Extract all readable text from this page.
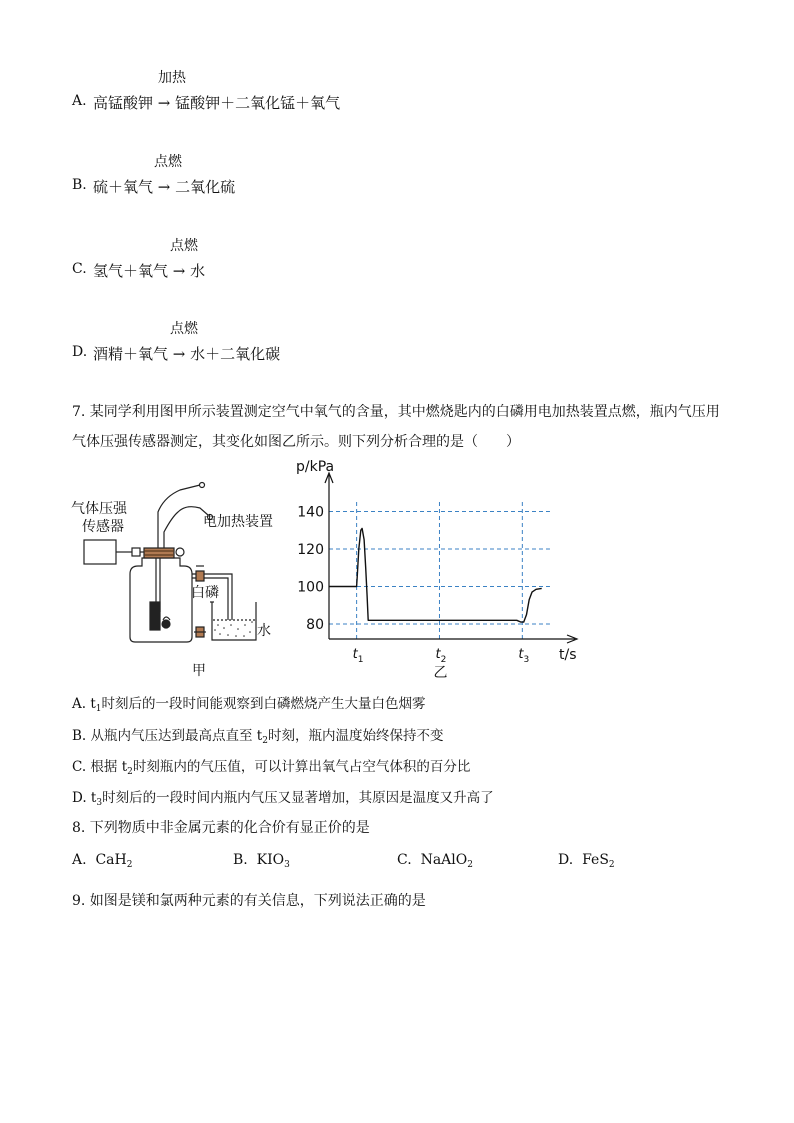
加热
A. 高锰酸钾 → 锰酸钾＋二氧化锰＋氧气
点燃
B. 硫＋氧气 → 二氧化硫
点燃
C. 氢气＋氧气 → 水
点燃
D. 酒精＋氧气 → 水＋二氧化碳
7. 某同学利用图甲所示装置测定空气中氧气的含量，其中燃烧匙内的白磷用电加热装置点燃，瓶内气压用
气体压强传感器测定，其变化如图乙所示。则下列分析合理的是（　　）
气体压强
传感器	电加热装置
白磷
水
甲
p/kPa
t/s
乙
80
100
120
140
$t_1$	$t_2$	$t_3$
A. $t_1$时刻后的一段时间能观察到白磷燃烧产生大量白色烟雾
B. 从瓶内气压达到最高点直至 $t_2$时刻，瓶内温度始终保持不变
C. 根据 $t_2$时刻瓶内的气压值，可以计算出氧气占空气体积的百分比
D. $t_3$时刻后的一段时间内瓶内气压又显著增加，其原因是温度又升高了
8. 下列物质中非金属元素的化合价有显正价的是
A. CaH$_2$	B. $KIO_3$	C. NaAlO$_2$	D. FeS$_2$
9. 如图是镁和氯两种元素的有关信息，下列说法正确的是
